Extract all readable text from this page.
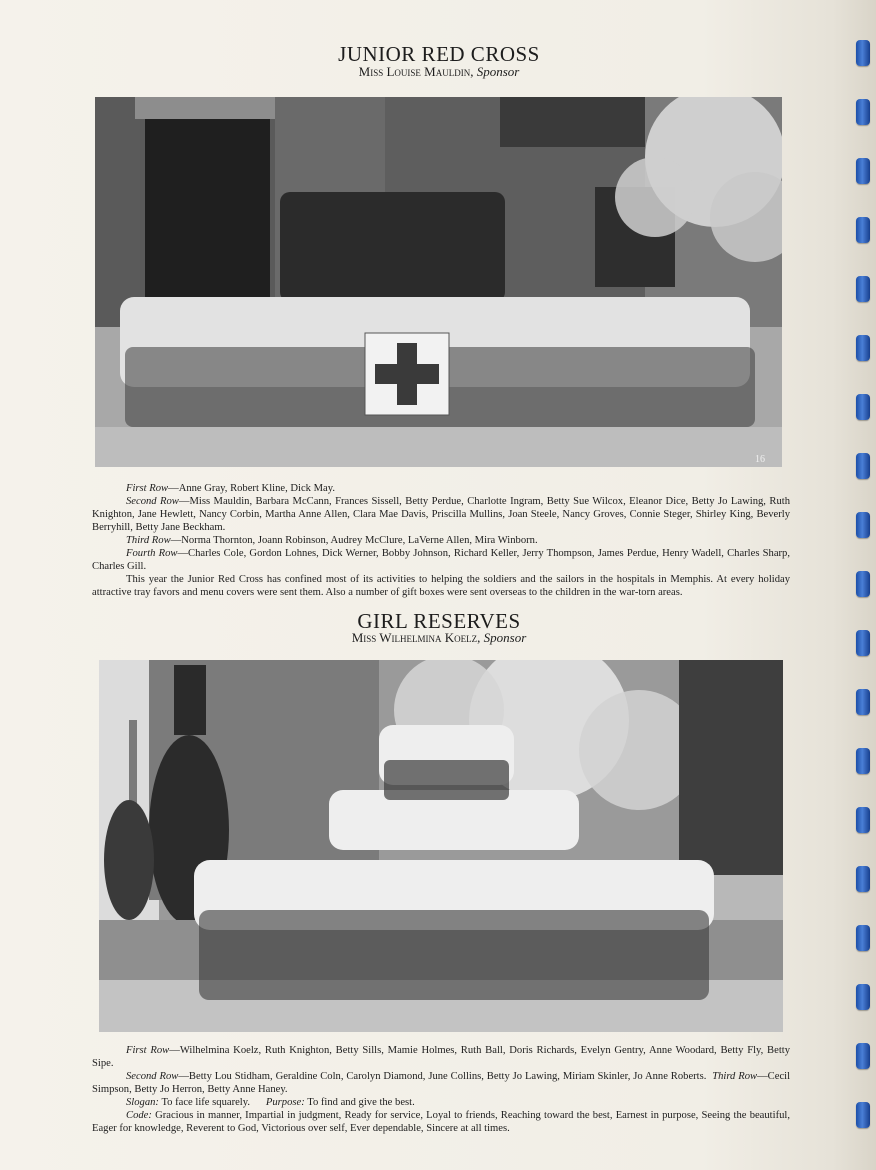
JUNIOR RED CROSS
Miss Louise Mauldin, Sponsor
16

First Row—Anne Gray, Robert Kline, Dick May.
Second Row—Miss Mauldin, Barbara McCann, Frances Sissell, Betty Perdue, Charlotte Ingram, Betty Sue Wilcox, Eleanor Dice, Betty Jo Lawing, Ruth Knighton, Jane Hewlett, Nancy Corbin, Martha Anne Allen, Clara Mae Davis, Priscilla Mullins, Joan Steele, Nancy Groves, Connie Steger, Shirley King, Beverly Berryhill, Betty Jane Beckham.
Third Row—Norma Thornton, Joann Robinson, Audrey McClure, LaVerne Allen, Mira Winborn.
Fourth Row—Charles Cole, Gordon Lohnes, Dick Werner, Bobby Johnson, Richard Keller, Jerry Thompson, James Perdue, Henry Wadell, Charles Sharp, Charles Gill.

This year the Junior Red Cross has confined most of its activities to helping the soldiers and the sailors in the hospitals in Memphis. At every holiday attractive tray favors and menu covers were sent them. Also a number of gift boxes were sent overseas to the children in the war-torn areas.

GIRL RESERVES
Miss Wilhelmina Koelz, Sponsor

First Row—Wilhelmina Koelz, Ruth Knighton, Betty Sills, Mamie Holmes, Ruth Ball, Doris Richards, Evelyn Gentry, Anne Woodard, Betty Fly, Betty Sipe.

Second Row—Betty Lou Stidham, Geraldine Coln, Carolyn Diamond, June Collins, Betty Jo Lawing, Miriam Skinler, Jo Anne Roberts. Third Row—Cecil Simpson, Betty Jo Herron, Betty Anne Haney.

Slogan: To face life squarely. Purpose: To find and give the best.

Code: Gracious in manner, Impartial in judgment, Ready for service, Loyal to friends, Reaching toward the best, Earnest in purpose, Seeing the beautiful, Eager for knowledge, Reverent to God, Victorious over self, Ever dependable, Sincere at all times.
